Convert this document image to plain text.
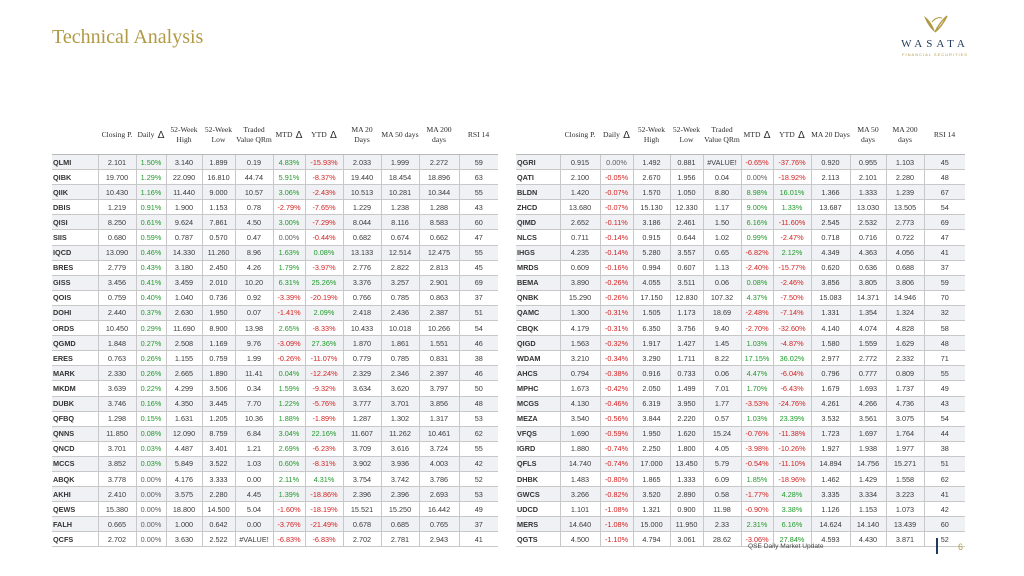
Technical Analysis	WASATA
FINANCIAL SECURITIES
	Closing P.	Daily Δ	52-Week High	52-Week Low	Traded Value QRm	MTD Δ	YTD Δ	MA 20 Days	MA 50 days	MA 200 days	RSI 14
QLMI	2.101	1.50%	3.140	1.899	0.19	4.83%	-15.93%	2.033	1.999	2.272	59
QIBK	19.700	1.29%	22.090	16.810	44.74	5.91%	-8.37%	19.440	18.454	18.896	63
QIIK	10.430	1.16%	11.440	9.000	10.57	3.06%	-2.43%	10.513	10.281	10.344	55
DBIS	1.219	0.91%	1.900	1.153	0.78	-2.79%	-7.65%	1.229	1.238	1.288	43
QISI	8.250	0.61%	9.624	7.861	4.50	3.00%	-7.29%	8.044	8.116	8.583	60
SIIS	0.680	0.59%	0.787	0.570	0.47	0.00%	-0.44%	0.682	0.674	0.662	47
IQCD	13.090	0.46%	14.330	11.260	8.96	1.63%	0.08%	13.133	12.514	12.475	55
BRES	2.779	0.43%	3.180	2.450	4.26	1.79%	-3.97%	2.776	2.822	2.813	45
GISS	3.456	0.41%	3.459	2.010	10.20	6.31%	25.26%	3.376	3.257	2.901	69
QOIS	0.759	0.40%	1.040	0.736	0.92	-3.39%	-20.19%	0.766	0.785	0.863	37
DOHI	2.440	0.37%	2.630	1.950	0.07	-1.41%	2.09%	2.418	2.436	2.387	51
ORDS	10.450	0.29%	11.690	8.900	13.98	2.65%	-8.33%	10.433	10.018	10.266	54
QGMD	1.848	0.27%	2.508	1.169	9.76	-3.09%	27.36%	1.870	1.861	1.551	46
ERES	0.763	0.26%	1.155	0.759	1.99	-0.26%	-11.07%	0.779	0.785	0.831	38
MARK	2.330	0.26%	2.665	1.890	11.41	0.04%	-12.24%	2.329	2.346	2.397	46
MKDM	3.639	0.22%	4.299	3.506	0.34	1.59%	-9.32%	3.634	3.620	3.797	50
DUBK	3.746	0.16%	4.350	3.445	7.70	1.22%	-5.76%	3.777	3.701	3.856	48
QFBQ	1.298	0.15%	1.631	1.205	10.36	1.88%	-1.89%	1.287	1.302	1.317	53
QNNS	11.850	0.08%	12.090	8.759	6.84	3.04%	22.16%	11.607	11.262	10.461	62
QNCD	3.701	0.03%	4.487	3.401	1.21	2.69%	-6.23%	3.709	3.616	3.724	55
MCCS	3.852	0.03%	5.849	3.522	1.03	0.60%	-8.31%	3.902	3.936	4.003	42
ABQK	3.778	0.00%	4.176	3.333	0.00	2.11%	4.31%	3.754	3.742	3.786	52
AKHI	2.410	0.00%	3.575	2.280	4.45	1.39%	-18.86%	2.396	2.396	2.693	53
QEWS	15.380	0.00%	18.800	14.500	5.04	-1.60%	-18.19%	15.521	15.250	16.442	49
FALH	0.665	0.00%	1.000	0.642	0.00	-3.76%	-21.49%	0.678	0.685	0.765	37
QCFS	2.702	0.00%	3.630	2.522	#VALUE!	-6.83%	-6.83%	2.702	2.781	2.943	41
	Closing P.	Daily Δ	52-Week High	52-Week Low	Traded Value QRm	MTD Δ	YTD Δ	MA 20 Days	MA 50 days	MA 200 days	RSI 14
QGRI	0.915	0.00%	1.492	0.881	#VALUE!	-0.65%	-37.76%	0.920	0.955	1.103	45
QATI	2.100	-0.05%	2.670	1.956	0.04	0.00%	-18.92%	2.113	2.101	2.280	48
BLDN	1.420	-0.07%	1.570	1.050	8.80	8.98%	16.01%	1.366	1.333	1.239	67
ZHCD	13.680	-0.07%	15.130	12.330	1.17	9.00%	1.33%	13.687	13.030	13.505	54
QIMD	2.652	-0.11%	3.186	2.461	1.50	6.16%	-11.60%	2.545	2.532	2.773	69
NLCS	0.711	-0.14%	0.915	0.644	1.02	0.99%	-2.47%	0.718	0.716	0.722	47
IHGS	4.235	-0.14%	5.280	3.557	0.65	-6.82%	2.12%	4.349	4.363	4.056	41
MRDS	0.609	-0.16%	0.994	0.607	1.13	-2.40%	-15.77%	0.620	0.636	0.688	37
BEMA	3.890	-0.26%	4.055	3.511	0.06	0.08%	-2.46%	3.856	3.805	3.806	59
QNBK	15.290	-0.26%	17.150	12.830	107.32	4.37%	-7.50%	15.083	14.371	14.946	70
QAMC	1.300	-0.31%	1.505	1.173	18.69	-2.48%	-7.14%	1.331	1.354	1.324	32
CBQK	4.179	-0.31%	6.350	3.756	9.40	-2.70%	-32.60%	4.140	4.074	4.828	58
QIGD	1.563	-0.32%	1.917	1.427	1.45	1.03%	-4.87%	1.580	1.559	1.629	48
WDAM	3.210	-0.34%	3.290	1.711	8.22	17.15%	36.02%	2.977	2.772	2.332	71
AHCS	0.794	-0.38%	0.916	0.733	0.06	4.47%	-6.04%	0.796	0.777	0.809	55
MPHC	1.673	-0.42%	2.050	1.499	7.01	1.70%	-6.43%	1.679	1.693	1.737	49
MCGS	4.130	-0.46%	6.319	3.950	1.77	-3.53%	-24.76%	4.261	4.266	4.736	43
MEZA	3.540	-0.56%	3.844	2.220	0.57	1.03%	23.39%	3.532	3.561	3.075	54
VFQS	1.690	-0.59%	1.950	1.620	15.24	-0.76%	-11.38%	1.723	1.697	1.764	44
IGRD	1.880	-0.74%	2.250	1.800	4.05	-3.98%	-10.26%	1.927	1.938	1.977	38
QFLS	14.740	-0.74%	17.000	13.450	5.79	-0.54%	-11.10%	14.894	14.756	15.271	51
DHBK	1.483	-0.80%	1.865	1.333	6.09	1.85%	-18.96%	1.462	1.429	1.558	62
GWCS	3.266	-0.82%	3.520	2.890	0.58	-1.77%	4.28%	3.335	3.334	3.223	41
UDCD	1.101	-1.08%	1.321	0.900	11.98	-0.90%	3.38%	1.126	1.153	1.073	42
MERS	14.640	-1.08%	15.000	11.950	2.33	2.31%	6.16%	14.624	14.140	13.439	60
QGTS	4.500	-1.10%	4.794	3.061	28.62	-3.06%	27.84%	4.593	4.430	3.871	52
QSE Daily Market Update	6
